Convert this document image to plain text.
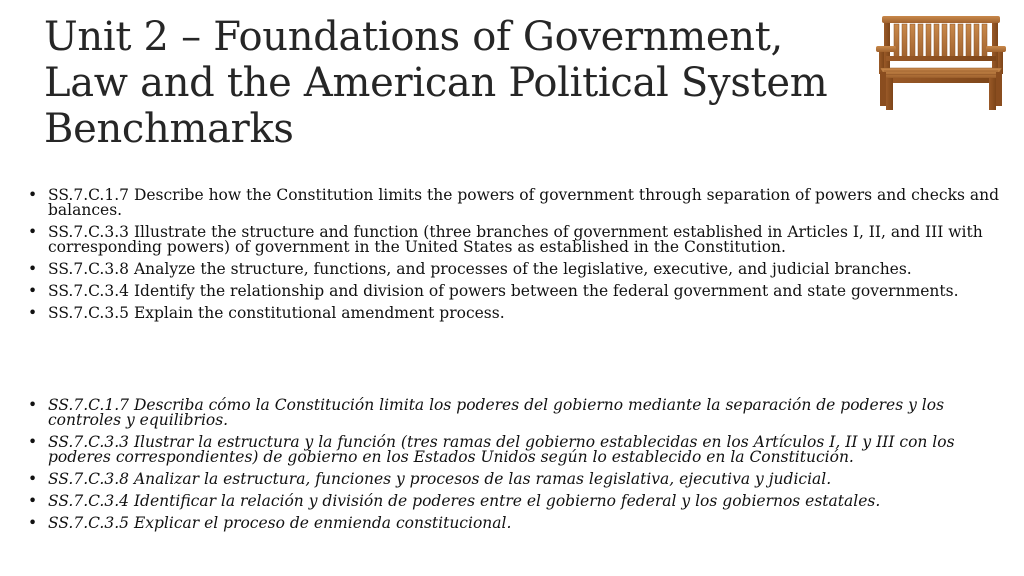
Unit 2 – Foundations of Government,
Law and the American Political System
Benchmarks
• SS.7.C.1.7 Describe how the Constitution limits the powers of government through separation of powers and checks and balances.
• SS.7.C.3.3 Illustrate the structure and function (three branches of government established in Articles I, II, and III with corresponding powers) of government in the United States as established in the Constitution.
• SS.7.C.3.8 Analyze the structure, functions, and processes of the legislative, executive, and judicial branches.
• SS.7.C.3.4 Identify the relationship and division of powers between the federal government and state governments.
• SS.7.C.3.5 Explain the constitutional amendment process.
• SS.7.C.1.7 Describa cómo la Constitución limita los poderes del gobierno mediante la separación de poderes y los controles y equilibrios.
• SS.7.C.3.3 Ilustrar la estructura y la función (tres ramas del gobierno establecidas en los Artículos I, II y III con los poderes correspondientes) de gobierno en los Estados Unidos según lo establecido en la Constitución.
• SS.7.C.3.8 Analizar la estructura, funciones y procesos de las ramas legislativa, ejecutiva y judicial.
• SS.7.C.3.4 Identificar la relación y división de poderes entre el gobierno federal y los gobiernos estatales.
• SS.7.C.3.5 Explicar el proceso de enmienda constitucional.
